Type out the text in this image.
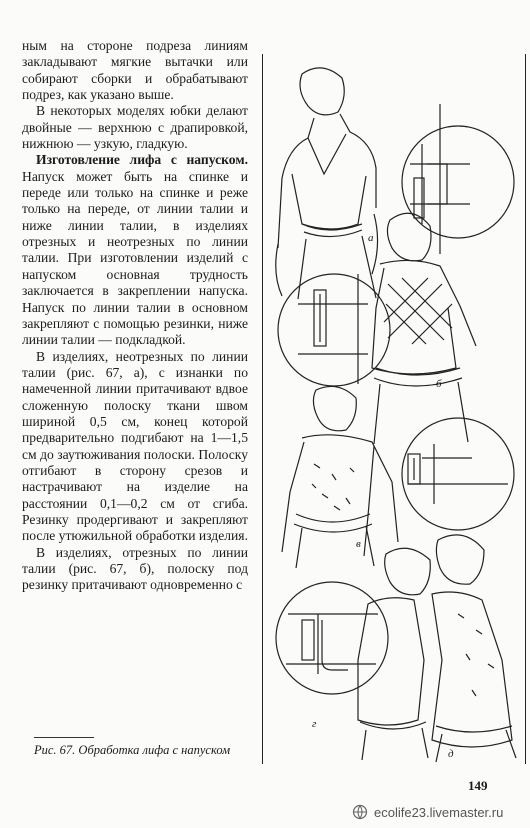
ным на стороне подреза линиям закладывают мягкие вытачки или собирают сборки и обрабатывают подрез, как указано выше.

В некоторых моделях юбки делают двойные — верхнюю с драпировкой, нижнюю — узкую, гладкую.

Изготовление лифа с напуском. Напуск может быть на спинке и переде или только на спинке и реже только на переде, от линии талии и ниже линии талии, в изделиях отрезных и неотрезных по линии талии. При изготовлении изделий с напуском основная трудность заключается в закреплении напуска. Напуск по линии талии в основном закрепляют с помощью резинки, ниже линии талии — подкладкой.

В изделиях, неотрезных по линии талии (рис. 67, а), с изнанки по намеченной линии притачивают вдвое сложенную полоску ткани швом шириной 0,5 см, конец которой предварительно подгибают на 1—1,5 см до заутюживания полоски. Полоску отгибают в сторону срезов и настрачивают на изделие на расстоянии 0,1—0,2 см от сгиба. Резинку продергивают и закрепляют после утюжильной обработки изделия.

В изделиях, отрезных по линии талии (рис. 67, б), полоску под резинку притачивают одновременно с

а
б
в
г
д
Рис. 67. Обработка лифа с напуском
149
ecolife23.livemaster.ru
